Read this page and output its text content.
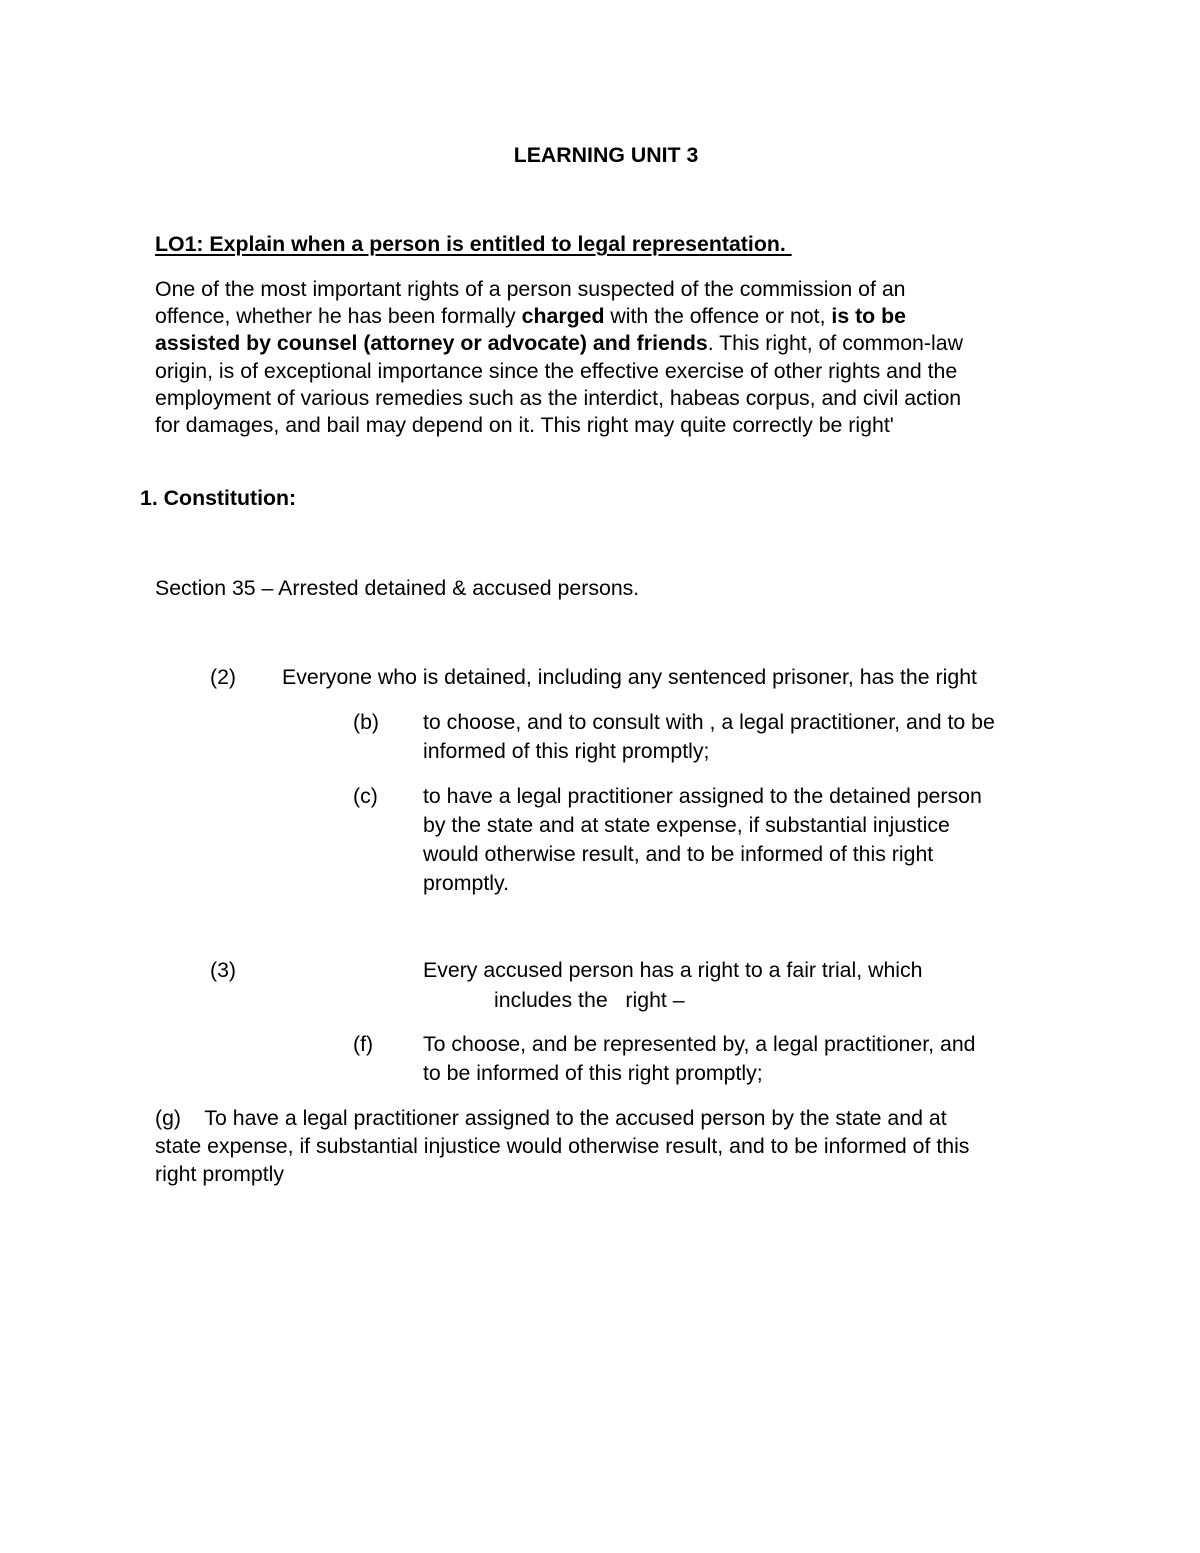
LEARNING UNIT 3
LO1: Explain when a person is entitled to legal representation.
One of the most important rights of a person suspected of the commission of an
offence, whether he has been formally charged with the offence or not, is to be
assisted by counsel (attorney or advocate) and friends. This right, of common-law
origin, is of exceptional importance since the effective exercise of other rights and the
employment of various remedies such as the interdict, habeas corpus, and civil action
for damages, and bail may depend on it. This right may quite correctly be right'
1. Constitution:
Section 35 – Arrested detained & accused persons.
(2) Everyone who is detained, including any sentenced prisoner, has the right
(b) to choose, and to consult with , a legal practitioner, and to be
informed of this right promptly;
(c) to have a legal practitioner assigned to the detained person
by the state and at state expense, if substantial injustice
would otherwise result, and to be informed of this right
promptly.
(3)	Every accused person has a right to a fair trial, which
includes the   right –
(f) To choose, and be represented by, a legal practitioner, and
to be informed of this right promptly;
(g)    To have a legal practitioner assigned to the accused person by the state and at
state expense, if substantial injustice would otherwise result, and to be informed of this
right promptly
